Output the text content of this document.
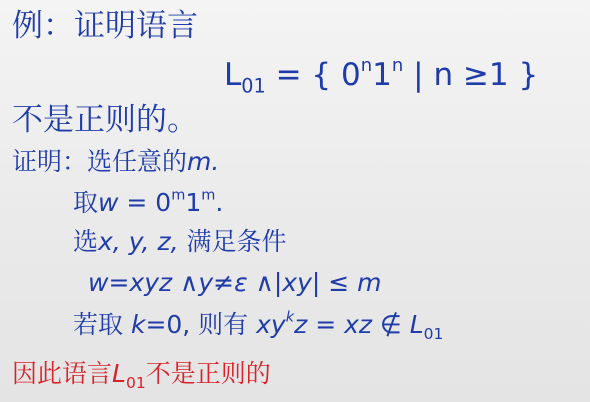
例：证明语言
$L_{01}$ = { 0$^n$1$^n$ | n ≥1 }
不是正则的。
证明：选任意的m.
取$w = 0^m1^m$.
选x, y, z, 满足条件
w=xyz ∧y≠ε ∧|xy| ≤ m
若取 k=0, 则有 $xy^kz$ = xz ∉ $L_{01}$
因此语言$L_{01}$不是正则的
